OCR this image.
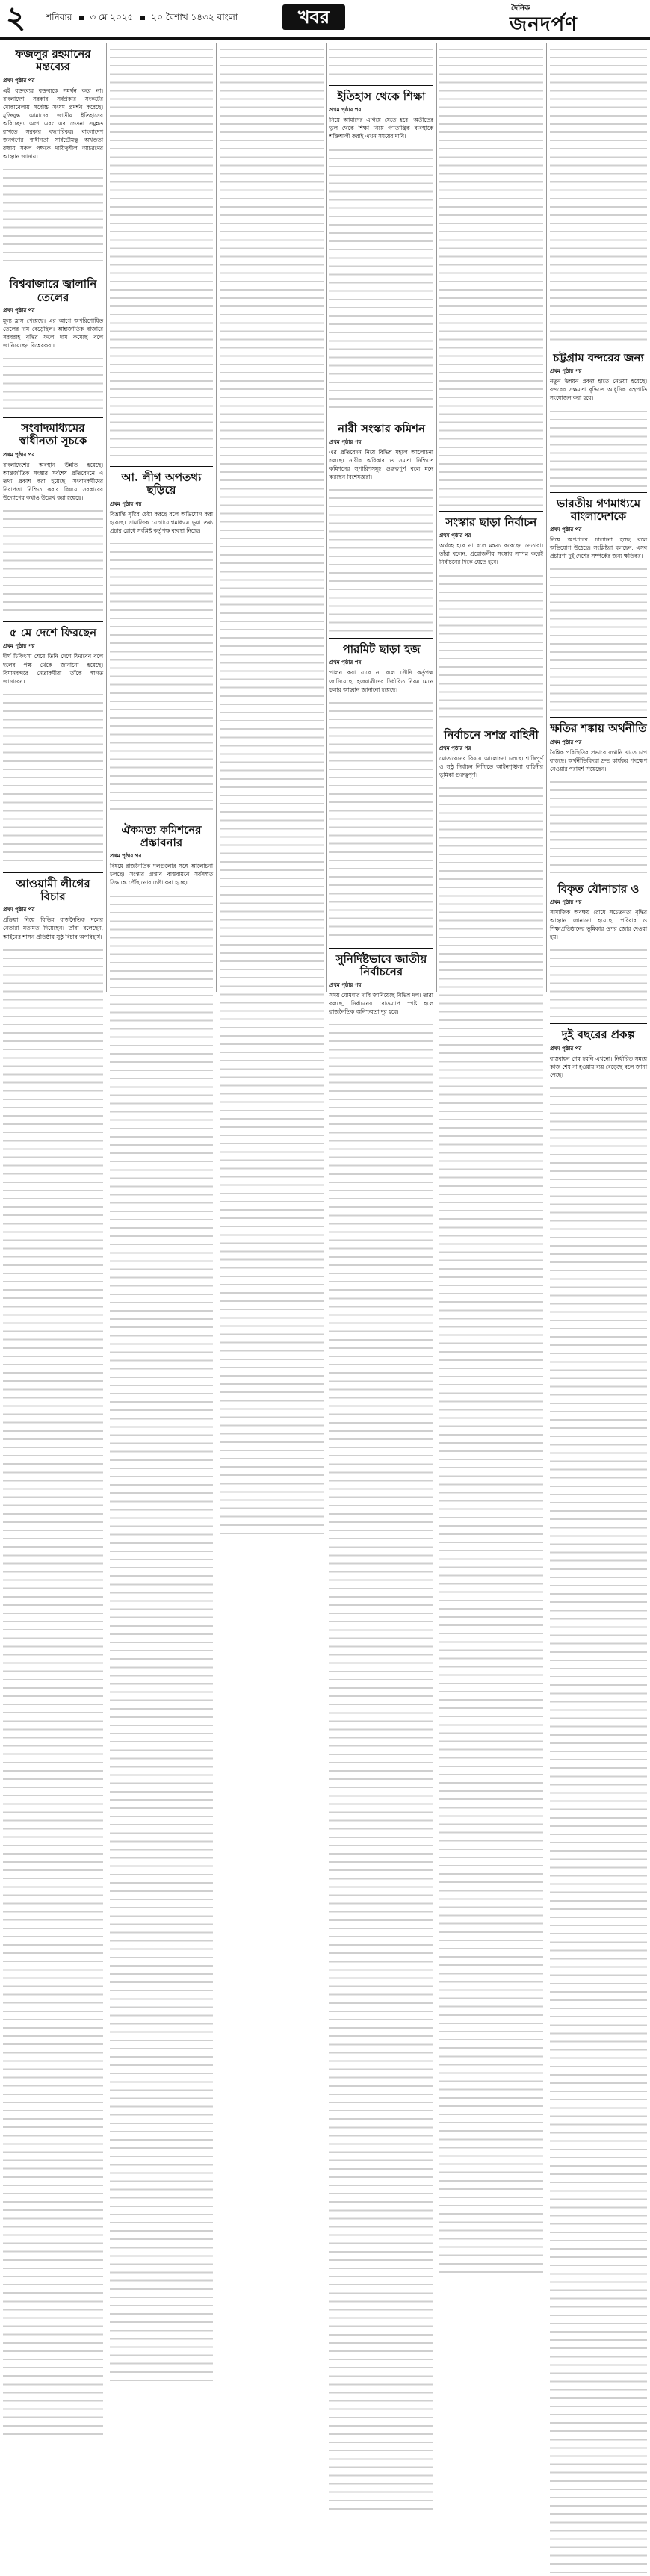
২ শনিবার ৩ মে ২০২৫ ২০ বৈশাখ ১৪৩২ বাংলা	খবর	দৈনিক
জনদর্পণ
ফজলুর রহমানের মন্তব্যের
প্রথম পৃষ্ঠার পর

এই বক্তব্যের বক্তব্যকে সমর্থন করে না। বাংলাদেশ সরকার সর্বপ্রকার সংকটের মোকাবেলায় সর্বোচ্চ সংযম প্রদর্শন করেছে। মুক্তিযুদ্ধ আমাদের জাতীয় ইতিহাসের অবিচ্ছেদ্য অংশ এবং এর চেতনা সমুন্নত রাখতে সরকার বদ্ধপরিকর। বাংলাদেশ জনগণের স্বাধীনতা সার্বভৌমত্ব অখণ্ডতা রক্ষায় সকল পক্ষকে দায়িত্বশীল আচরণের আহ্বান জানায়।

বিশ্ববাজারে জ্বালানি তেলের
প্রথম পৃষ্ঠার পর

মূল্য হ্রাস পেয়েছে। এর আগে অপরিশোধিত তেলের দাম বেড়েছিল। আন্তর্জাতিক বাজারে সরবরাহ বৃদ্ধির ফলে দাম কমেছে বলে জানিয়েছেন বিশ্লেষকরা।

সংবাদমাধ্যমের স্বাধীনতা সূচকে
প্রথম পৃষ্ঠার পর

বাংলাদেশের অবস্থান উন্নতি হয়েছে। আন্তর্জাতিক সংস্থার সর্বশেষ প্রতিবেদনে এ তথ্য প্রকাশ করা হয়েছে। সংবাদকর্মীদের নিরাপত্তা নিশ্চিত করার বিষয়ে সরকারের উদ্যোগের কথাও উল্লেখ করা হয়েছে।

৫ মে দেশে ফিরছেন
প্রথম পৃষ্ঠার পর

দীর্ঘ চিকিৎসা শেষে তিনি দেশে ফিরবেন বলে দলের পক্ষ থেকে জানানো হয়েছে। বিমানবন্দরে নেতাকর্মীরা তাঁকে স্বাগত জানাবেন।

আওয়ামী লীগের বিচার
প্রথম পৃষ্ঠার পর

প্রক্রিয়া নিয়ে বিভিন্ন রাজনৈতিক দলের নেতারা মতামত দিয়েছেন। তাঁরা বলেছেন, আইনের শাসন প্রতিষ্ঠায় সুষ্ঠু বিচার অপরিহার্য।

আ. লীগ অপতথ্য ছড়িয়ে
প্রথম পৃষ্ঠার পর

বিভ্রান্তি সৃষ্টির চেষ্টা করছে বলে অভিযোগ করা হয়েছে। সামাজিক যোগাযোগমাধ্যমে ভুয়া তথ্য প্রচার রোধে সংশ্লিষ্ট কর্তৃপক্ষ ব্যবস্থা নিচ্ছে।

ঐকমত্য কমিশনের প্রস্তাবনার
প্রথম পৃষ্ঠার পর

বিষয়ে রাজনৈতিক দলগুলোর সঙ্গে আলোচনা চলছে। সংস্কার প্রস্তাব বাস্তবায়নে সর্বসম্মত সিদ্ধান্তে পৌঁছানোর চেষ্টা করা হচ্ছে।

ইতিহাস থেকে শিক্ষা
প্রথম পৃষ্ঠার পর

নিয়ে আমাদের এগিয়ে যেতে হবে। অতীতের ভুল থেকে শিক্ষা নিয়ে গণতান্ত্রিক ব্যবস্থাকে শক্তিশালী করাই এখন সময়ের দাবি।

নারী সংস্কার কমিশন
প্রথম পৃষ্ঠার পর

এর প্রতিবেদন নিয়ে বিভিন্ন মহলে আলোচনা চলছে। নারীর অধিকার ও সমতা নিশ্চিতে কমিশনের সুপারিশসমূহ গুরুত্বপূর্ণ বলে মনে করছেন বিশেষজ্ঞরা।

পারমিট ছাড়া হজ
প্রথম পৃষ্ঠার পর

পালন করা যাবে না বলে সৌদি কর্তৃপক্ষ জানিয়েছে। হজযাত্রীদের নির্ধারিত নিয়ম মেনে চলার আহ্বান জানানো হয়েছে।

সুনির্দিষ্টভাবে জাতীয় নির্বাচনের
প্রথম পৃষ্ঠার পর

সময় ঘোষণার দাবি জানিয়েছে বিভিন্ন দল। তারা বলছে, নির্বাচনের রোডম্যাপ স্পষ্ট হলে রাজনৈতিক অনিশ্চয়তা দূর হবে।

সংস্কার ছাড়া নির্বাচন
প্রথম পৃষ্ঠার পর

অর্থবহ হবে না বলে মন্তব্য করেছেন নেতারা। তাঁরা বলেন, প্রয়োজনীয় সংস্কার সম্পন্ন করেই নির্বাচনের দিকে যেতে হবে।

নির্বাচনে সশস্ত্র বাহিনী
প্রথম পৃষ্ঠার পর

মোতায়েনের বিষয়ে আলোচনা চলছে। শান্তিপূর্ণ ও সুষ্ঠু নির্বাচন নিশ্চিতে আইনশৃঙ্খলা বাহিনীর ভূমিকা গুরুত্বপূর্ণ।

চট্টগ্রাম বন্দরের জন্য
প্রথম পৃষ্ঠার পর

নতুন উন্নয়ন প্রকল্প হাতে নেওয়া হয়েছে। বন্দরের সক্ষমতা বৃদ্ধিতে আধুনিক যন্ত্রপাতি সংযোজন করা হবে।

ভারতীয় গণমাধ্যমে বাংলাদেশকে
প্রথম পৃষ্ঠার পর

নিয়ে অপপ্রচার চালানো হচ্ছে বলে অভিযোগ উঠেছে। সংশ্লিষ্টরা বলছেন, এসব প্রচারণা দুই দেশের সম্পর্কের জন্য ক্ষতিকর।

ক্ষতির শঙ্কায় অর্থনীতি
প্রথম পৃষ্ঠার পর

বৈশ্বিক পরিস্থিতির প্রভাবে রপ্তানি খাতে চাপ বাড়ছে। অর্থনীতিবিদরা দ্রুত কার্যকর পদক্ষেপ নেওয়ার পরামর্শ দিয়েছেন।

বিকৃত যৌনাচার ও
প্রথম পৃষ্ঠার পর

সামাজিক অবক্ষয় রোধে সচেতনতা বৃদ্ধির আহ্বান জানানো হয়েছে। পরিবার ও শিক্ষাপ্রতিষ্ঠানের ভূমিকার ওপর জোর দেওয়া হয়।

দুই বছরের প্রকল্প
প্রথম পৃষ্ঠার পর

বাস্তবায়ন শেষ হয়নি এখনো। নির্ধারিত সময়ে কাজ শেষ না হওয়ায় ব্যয় বেড়েছে বলে জানা গেছে।
